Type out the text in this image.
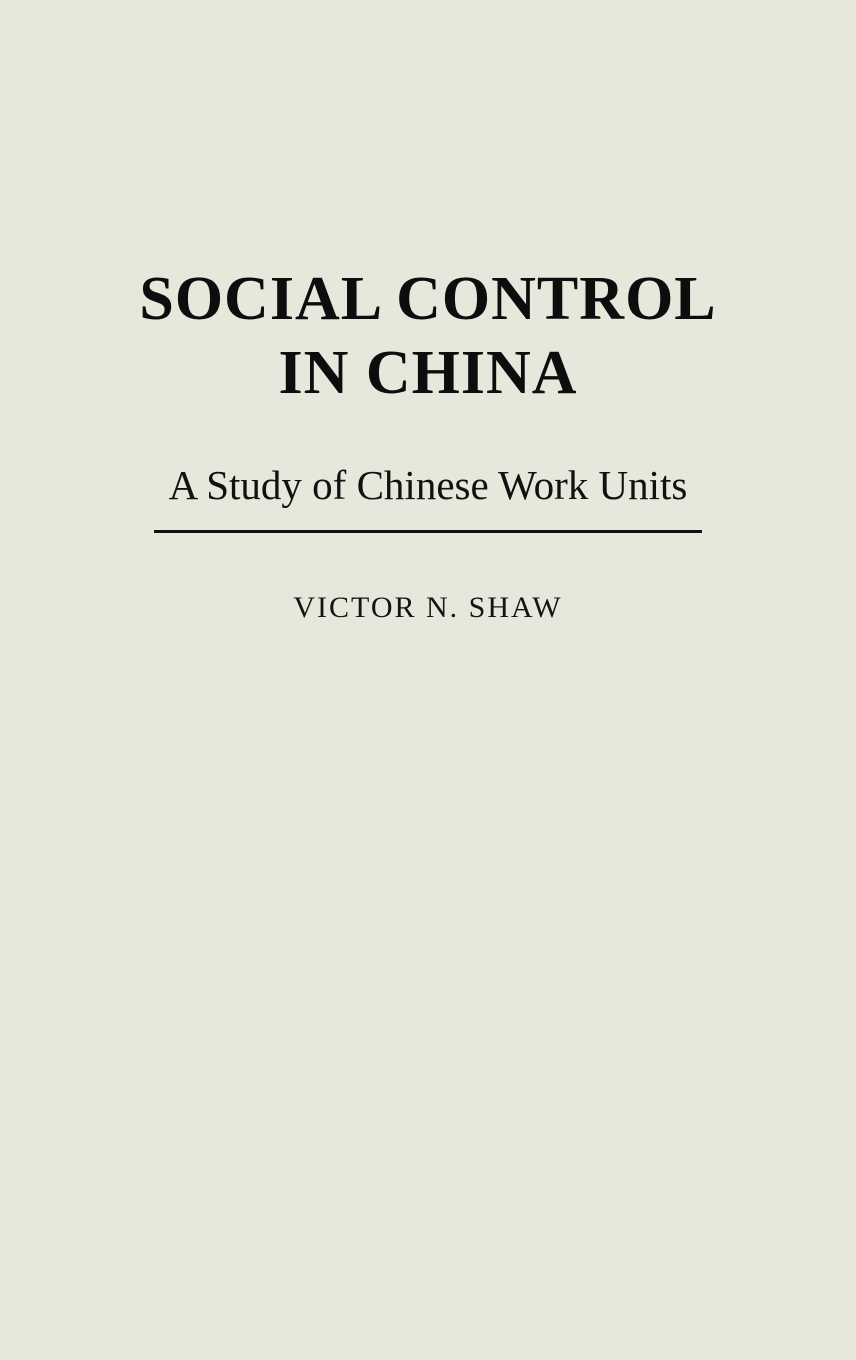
SOCIAL CONTROL
IN CHINA
A Study of Chinese Work Units
VICTOR N. SHAW
